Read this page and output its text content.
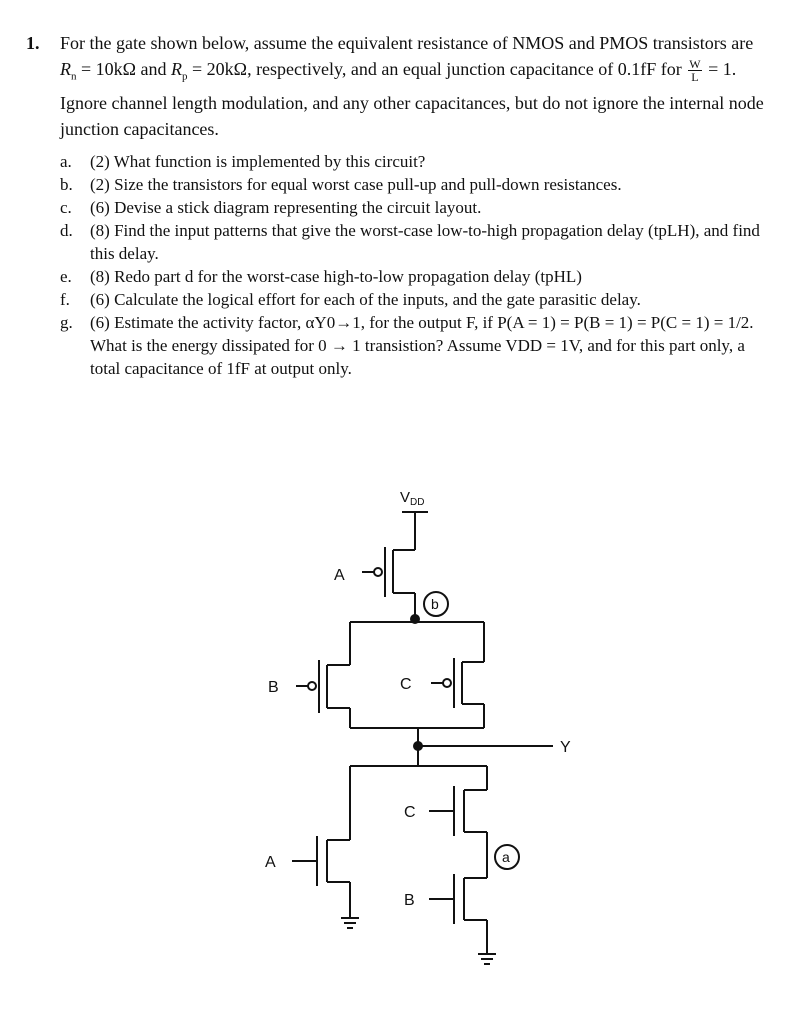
1. For the gate shown below, assume the equivalent resistance of NMOS and PMOS transistors are $R_n = 10k\Omega$ and $R_p = 20k\Omega$, respectively, and an equal junction capacitance of 0.1fF for $\frac{W}{L} = 1$. Ignore channel length modulation, and any other capacitances, but do not ignore the internal node junction capacitances.
a. (2) What function is implemented by this circuit?
b. (2) Size the transistors for equal worst case pull-up and pull-down resistances.
c. (6) Devise a stick diagram representing the circuit layout.
d. (8) Find the input patterns that give the worst-case low-to-high propagation delay (tpLH), and find this delay.
e. (8) Redo part d for the worst-case high-to-low propagation delay (tpHL)
f. (6) Calculate the logical effort for each of the inputs, and the gate parasitic delay.
g. (6) Estimate the activity factor, αY0→1, for the output F, if P(A = 1) = P(B = 1) = P(C = 1) = 1/2. What is the energy dissipated for 0 → 1 transistion? Assume VDD = 1V, and for this part only, a total capacitance of 1fF at output only.
$V_{DD}$
A
b
B	C
Y
A
C
a
B
